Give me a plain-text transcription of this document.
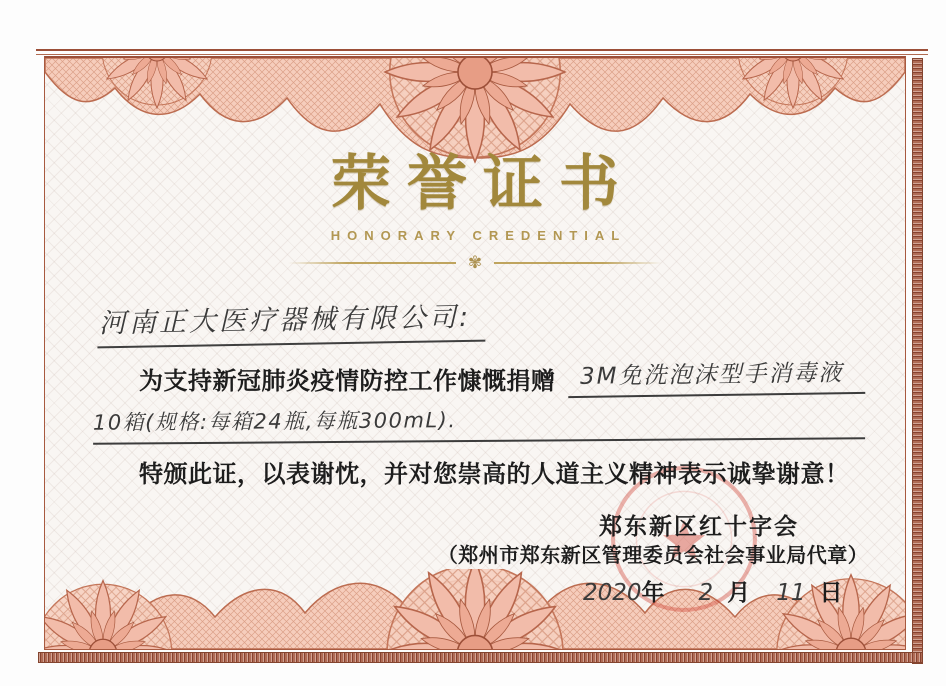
荣誉证书
HONORARY CREDENTIAL
✾
河南正大医疗器械有限公司:
为支持新冠肺炎疫情防控工作慷慨捐赠	3M免洗泡沫型手消毒液
10箱(规格:每箱24瓶,每瓶300mL).
特颁此证，以表谢忱，并对您崇高的人道主义精神表示诚挚谢意！
郑东新区红十字会
（郑州市郑东新区管理委员会社会事业局代章）
2020 年 2 月 11 日
